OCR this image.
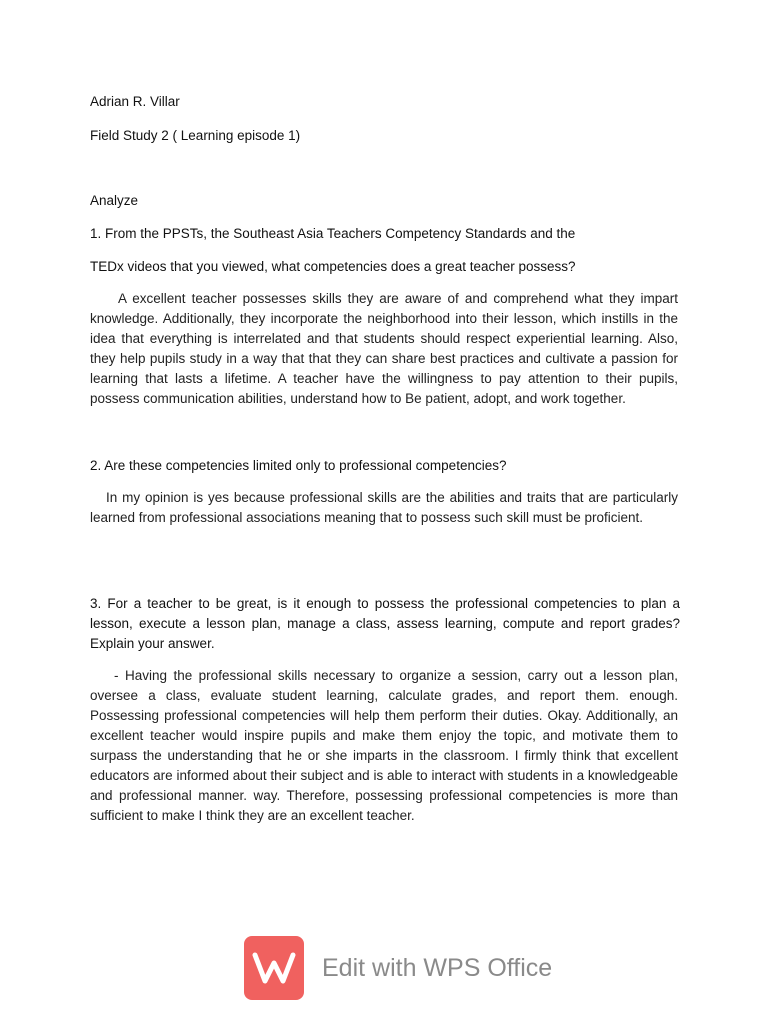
Adrian R. Villar
Field Study 2 ( Learning episode 1)
Analyze
1. From the PPSTs, the Southeast Asia Teachers Competency Standards and the
TEDx videos that you viewed, what competencies does a great teacher possess?
A excellent teacher possesses skills they are aware of and comprehend what they impart knowledge. Additionally, they incorporate the neighborhood into their lesson, which instills in the idea that everything is interrelated and that students should respect experiential learning. Also, they help pupils study in a way that that they can share best practices and cultivate a passion for learning that lasts a lifetime. A teacher have the willingness to pay attention to their pupils, possess communication abilities, understand how to Be patient, adopt, and work together.
2. Are these competencies limited only to professional competencies?
In my opinion is yes because professional skills are the abilities and traits that are particularly learned from professional associations meaning that to possess such skill must be proficient.
3. For a teacher to be great, is it enough to possess the professional competencies to plan a lesson, execute a lesson plan, manage a class, assess learning, compute and report grades? Explain your answer.
- Having the professional skills necessary to organize a session, carry out a lesson plan, oversee a class, evaluate student learning, calculate grades, and report them. enough. Possessing professional competencies will help them perform their duties. Okay. Additionally, an excellent teacher would inspire pupils and make them enjoy the topic, and motivate them to surpass the understanding that he or she imparts in the classroom. I firmly think that excellent educators are informed about their subject and is able to interact with students in a knowledgeable and professional manner. way. Therefore, possessing professional competencies is more than sufficient to make I think they are an excellent teacher.
Edit with WPS Office
